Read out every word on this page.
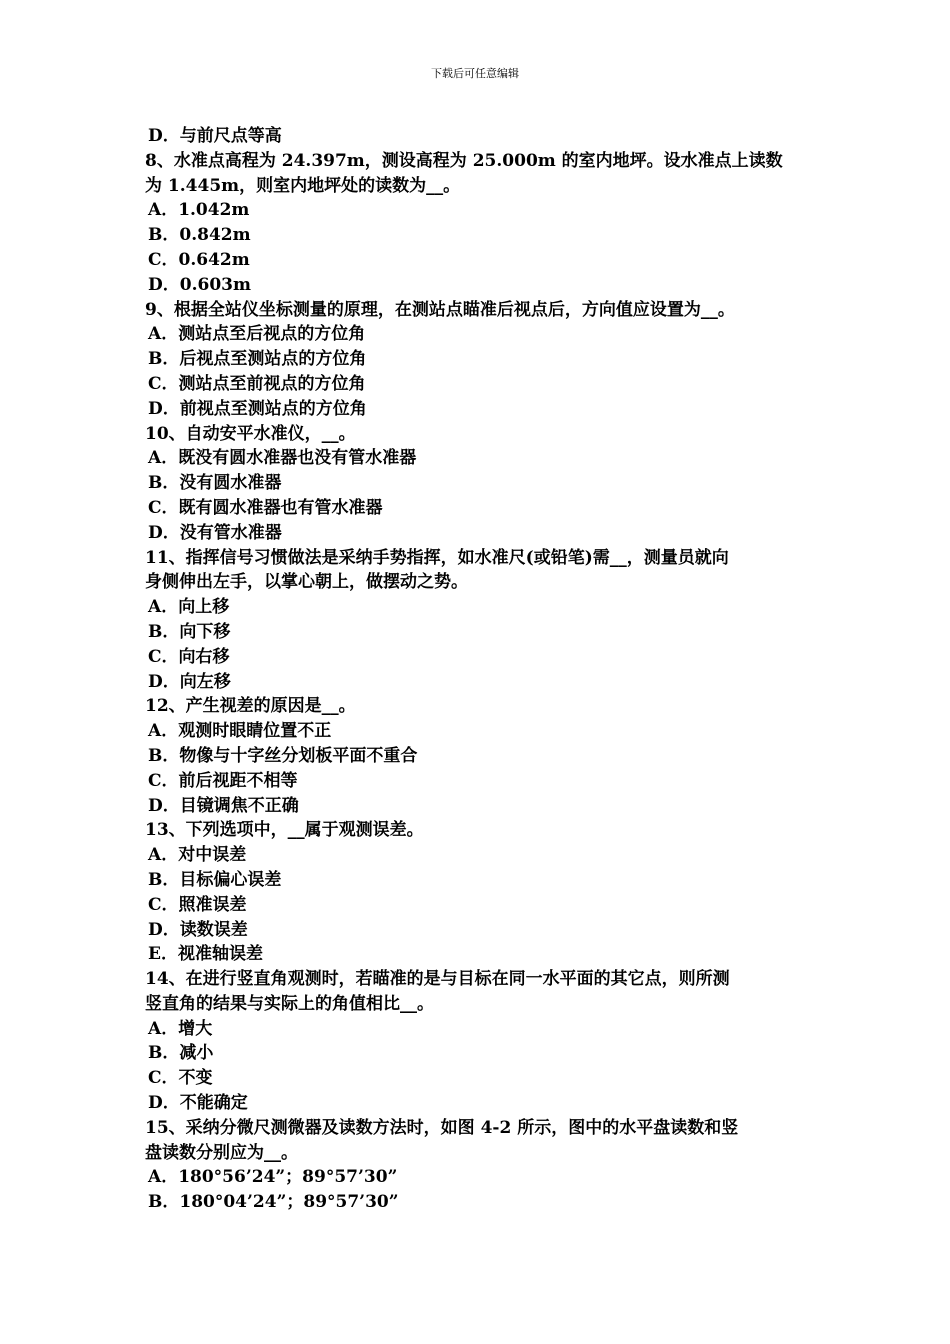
下载后可任意编辑
D．与前尺点等高
8、水准点高程为 24.397m，测设高程为 25.000m 的室内地坪。设水准点上读数
为 1.445m，则室内地坪处的读数为__。
A．1.042m
B．0.842m
C．0.642m
D．0.603m
9、根据全站仪坐标测量的原理，在测站点瞄准后视点后，方向值应设置为__。
A．测站点至后视点的方位角
B．后视点至测站点的方位角
C．测站点至前视点的方位角
D．前视点至测站点的方位角
10、自动安平水准仪，__。
A．既没有圆水准器也没有管水准器
B．没有圆水准器
C．既有圆水准器也有管水准器
D．没有管水准器
11、指挥信号习惯做法是采纳手势指挥，如水准尺(或铅笔)需__，测量员就向
身侧伸出左手，以掌心朝上，做摆动之势。
A．向上移
B．向下移
C．向右移
D．向左移
12、产生视差的原因是__。
A．观测时眼睛位置不正
B．物像与十字丝分划板平面不重合
C．前后视距不相等
D．目镜调焦不正确
13、下列选项中，__属于观测误差。
A．对中误差
B．目标偏心误差
C．照准误差
D．读数误差
E．视准轴误差
14、在进行竖直角观测时，若瞄准的是与目标在同一水平面的其它点，则所测
竖直角的结果与实际上的角值相比__。
A．增大
B．减小
C．不变
D．不能确定
15、采纳分微尺测微器及读数方法时，如图 4-2 所示，图中的水平盘读数和竖
盘读数分别应为__。
A．180°56’24”；89°57’30”
B．180°04’24”；89°57’30”
